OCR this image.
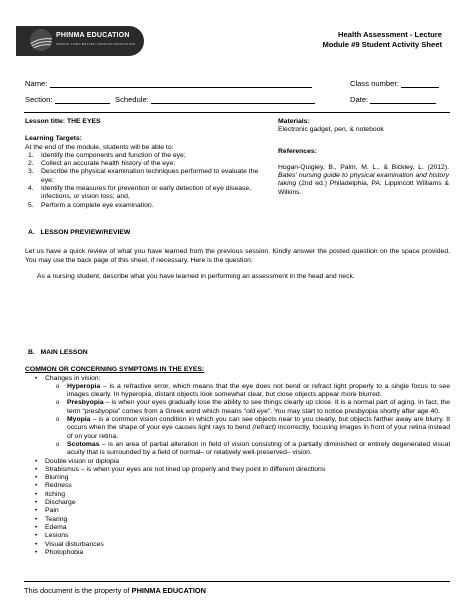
PHINMA EDUCATION
MAKING LIVES BETTER THROUGH EDUCATION
Health Assessment - Lecture
Module #9 Student Activity Sheet
Name:	Class number:
Section:	Schedule:	Date:
Lesson title: THE EYES
Learning Targets:
At the end of the module, students will be able to:
1. Identify the components and function of the eye;
2. Collect an accurate health history of the eye;
3. Describe the physical examination techniques performed to evaluate the eye;
4. Identify the measures for prevention or early detection of eye disease, infections, or vision loss; and,
5. Perform a complete eye examination.
Materials:
Electronic gadget, pen, & notebook
References:
Hogan-Quigley, B., Palm, M. L., & Bickley, L. (2012). Bates' nursing guide to physical examination and history taking (2nd ed.) Philadelphia, PA: Lippincott Williams & Wilkins.
A.   LESSON PREVIEW/REVIEW
Let us have a quick review of what you have learned from the previous session. Kindly answer the posted question on the space provided. You may use the back page of this sheet, if necessary. Here is the question:
As a nursing student, describe what you have learned in performing an assessment in the head and neck.
B.   MAIN LESSON
COMMON OR CONCERNING SYMPTOMS IN THE EYES:
• Changes in vision:
o Hyperopia – is a refractive error, which means that the eye does not bend or refract light properly to a single focus to see images clearly. In hyperopia, distant objects look somewhat clear, but close objects appear more blurred.
o Presbyopia – is when your eyes gradually lose the ability to see things clearly up close. It is a normal part of aging. In fact, the term “presbyopia” comes from a Greek word which means “old eye”. You may start to notice presbyopia shortly after age 40.
o Myopia – is a common vision condition in which you can see objects near to you clearly, but objects farther away are blurry. It occurs when the shape of your eye causes light rays to bend (refract) incorrectly, focusing images in front of your retina instead of on your retina.
o Scotomas – is an area of partial alteration in field of vision consisting of a partially diminished or entirely degenerated visual acuity that is surrounded by a field of normal– or relatively well-preserved– vision.
• Double vision or diplopia
• Strabismus – is when your eyes are not lined up properly and they point in different directions
• Blurring
• Redness
• Itching
• Discharge
• Pain
• Tearing
• Edema
• Lesions
• Visual disturbances
• Photophobia
This document is the property of PHINMA EDUCATION
